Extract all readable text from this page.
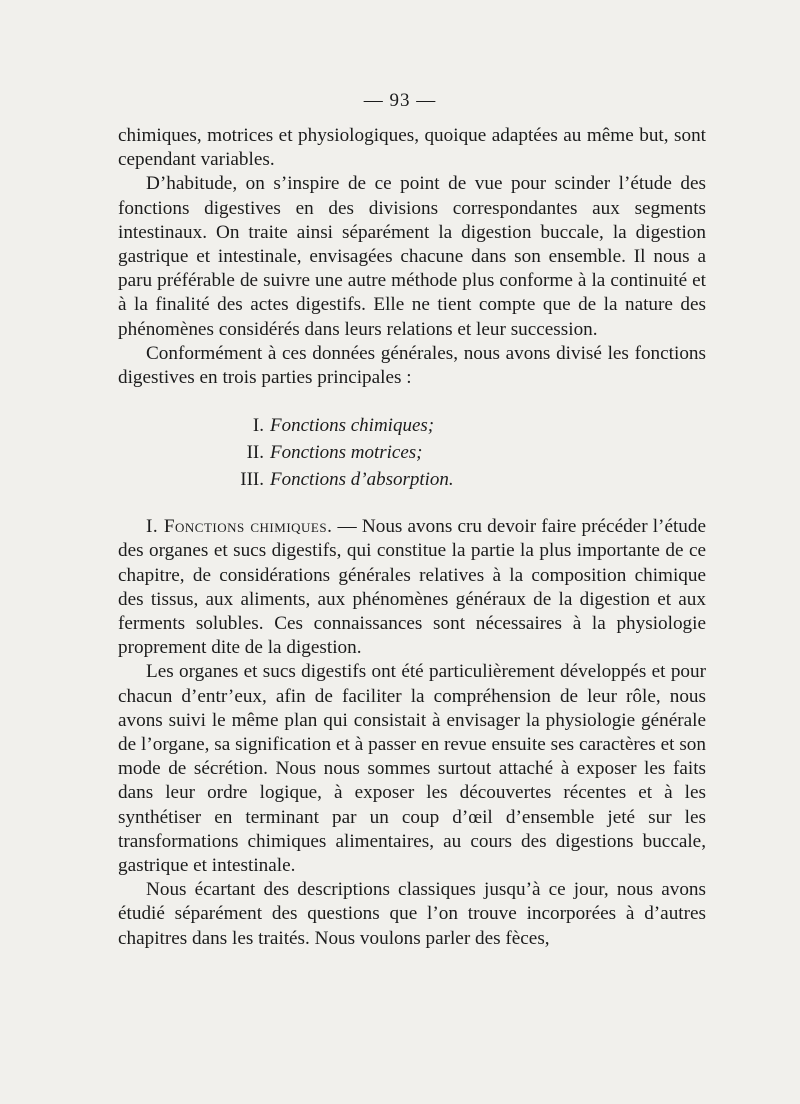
— 93 —

chimiques, motrices et physiologiques, quoique adaptées au même but, sont cependant variables.

D’habitude, on s’inspire de ce point de vue pour scinder l’étude des fonctions digestives en des divisions correspondantes aux segments intestinaux. On traite ainsi séparément la digestion buccale, la digestion gastrique et intestinale, envisagées chacune dans son ensemble. Il nous a paru préférable de suivre une autre méthode plus conforme à la continuité et à la finalité des actes digestifs. Elle ne tient compte que de la nature des phénomènes considérés dans leurs relations et leur succession.

Conformément à ces données générales, nous avons divisé les fonctions digestives en trois parties principales :

I. Fonctions chimiques;
II. Fonctions motrices;
III. Fonctions d’absorption.

I. Fonctions chimiques. — Nous avons cru devoir faire précéder l’étude des organes et sucs digestifs, qui constitue la partie la plus importante de ce chapitre, de considérations générales relatives à la composition chimique des tissus, aux aliments, aux phénomènes généraux de la digestion et aux ferments solubles. Ces connaissances sont nécessaires à la physiologie proprement dite de la digestion.

Les organes et sucs digestifs ont été particulièrement développés et pour chacun d’entr’eux, afin de faciliter la compréhension de leur rôle, nous avons suivi le même plan qui consistait à envisager la physiologie générale de l’organe, sa signification et à passer en revue ensuite ses caractères et son mode de sécrétion. Nous nous sommes surtout attaché à exposer les faits dans leur ordre logique, à exposer les découvertes récentes et à les synthétiser en terminant par un coup d’œil d’ensemble jeté sur les transformations chimiques alimentaires, au cours des digestions buccale, gastrique et intestinale.

Nous écartant des descriptions classiques jusqu’à ce jour, nous avons étudié séparément des questions que l’on trouve incorporées à d’autres chapitres dans les traités. Nous voulons parler des fèces,
